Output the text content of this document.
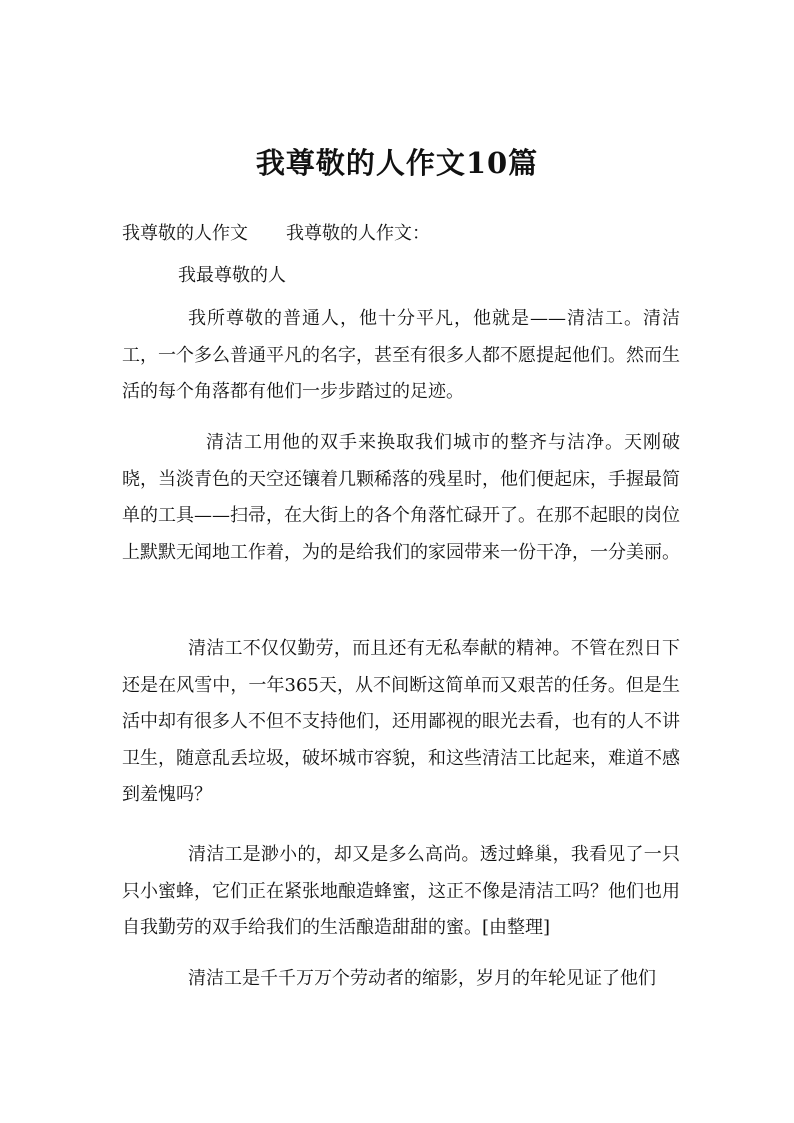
我尊敬的人作文10篇
我尊敬的人作文 我尊敬的人作文：
我最尊敬的人
我所尊敬的普通人，他十分平凡，他就是——清洁工。清洁工，一个多么普通平凡的名字，甚至有很多人都不愿提起他们。然而生活的每个角落都有他们一步步踏过的足迹。
清洁工用他的双手来换取我们城市的整齐与洁净。天刚破晓，当淡青色的天空还镶着几颗稀落的残星时，他们便起床，手握最简单的工具——扫帚，在大街上的各个角落忙碌开了。在那不起眼的岗位上默默无闻地工作着，为的是给我们的家园带来一份干净，一分美丽。
清洁工不仅仅勤劳，而且还有无私奉献的精神。不管在烈日下还是在风雪中，一年365天，从不间断这简单而又艰苦的任务。但是生活中却有很多人不但不支持他们，还用鄙视的眼光去看，也有的人不讲卫生，随意乱丢垃圾，破坏城市容貌，和这些清洁工比起来，难道不感到羞愧吗？
清洁工是渺小的，却又是多么高尚。透过蜂巢，我看见了一只只小蜜蜂，它们正在紧张地酿造蜂蜜，这正不像是清洁工吗？他们也用自我勤劳的双手给我们的生活酿造甜甜的蜜。[由整理]
清洁工是千千万万个劳动者的缩影，岁月的年轮见证了他们
